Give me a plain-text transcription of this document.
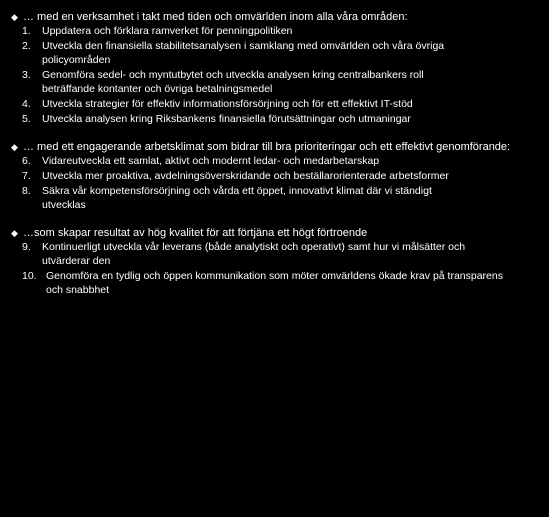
◆ … med en verksamhet i takt med tiden och omvärlden inom alla våra områden:

1.	Uppdatera och förklara ramverket för penningpolitiken
2.	Utveckla den finansiella stabilitetsanalysen i samklang med omvärlden och våra övriga policyområden
3.	Genomföra sedel- och myntutbytet och utveckla analysen kring centralbankers roll beträffande kontanter och övriga betalningsmedel
4.	Utveckla strategier för effektiv informationsförsörjning och för ett effektivt IT-stöd
5.	Utveckla analysen kring Riksbankens finansiella förutsättningar och utmaningar

◆ … med ett engagerande arbetsklimat som bidrar till bra prioriteringar och ett effektivt genomförande:

6.	Vidareutveckla ett samlat, aktivt och modernt ledar- och medarbetarskap
7.	Utveckla mer proaktiva, avdelningsöverskridande och beställarorienterade arbetsformer
8.	Säkra vår kompetensförsörjning och vårda ett öppet, innovativt klimat där vi ständigt utvecklas

◆ …som skapar resultat av hög kvalitet för att förtjäna ett högt förtroende

9.	Kontinuerligt utveckla vår leverans (både analytiskt och operativt) samt hur vi målsätter och utvärderar den
10. Genomföra en tydlig och öppen kommunikation som möter omvärldens ökade krav på transparens och snabbhet
